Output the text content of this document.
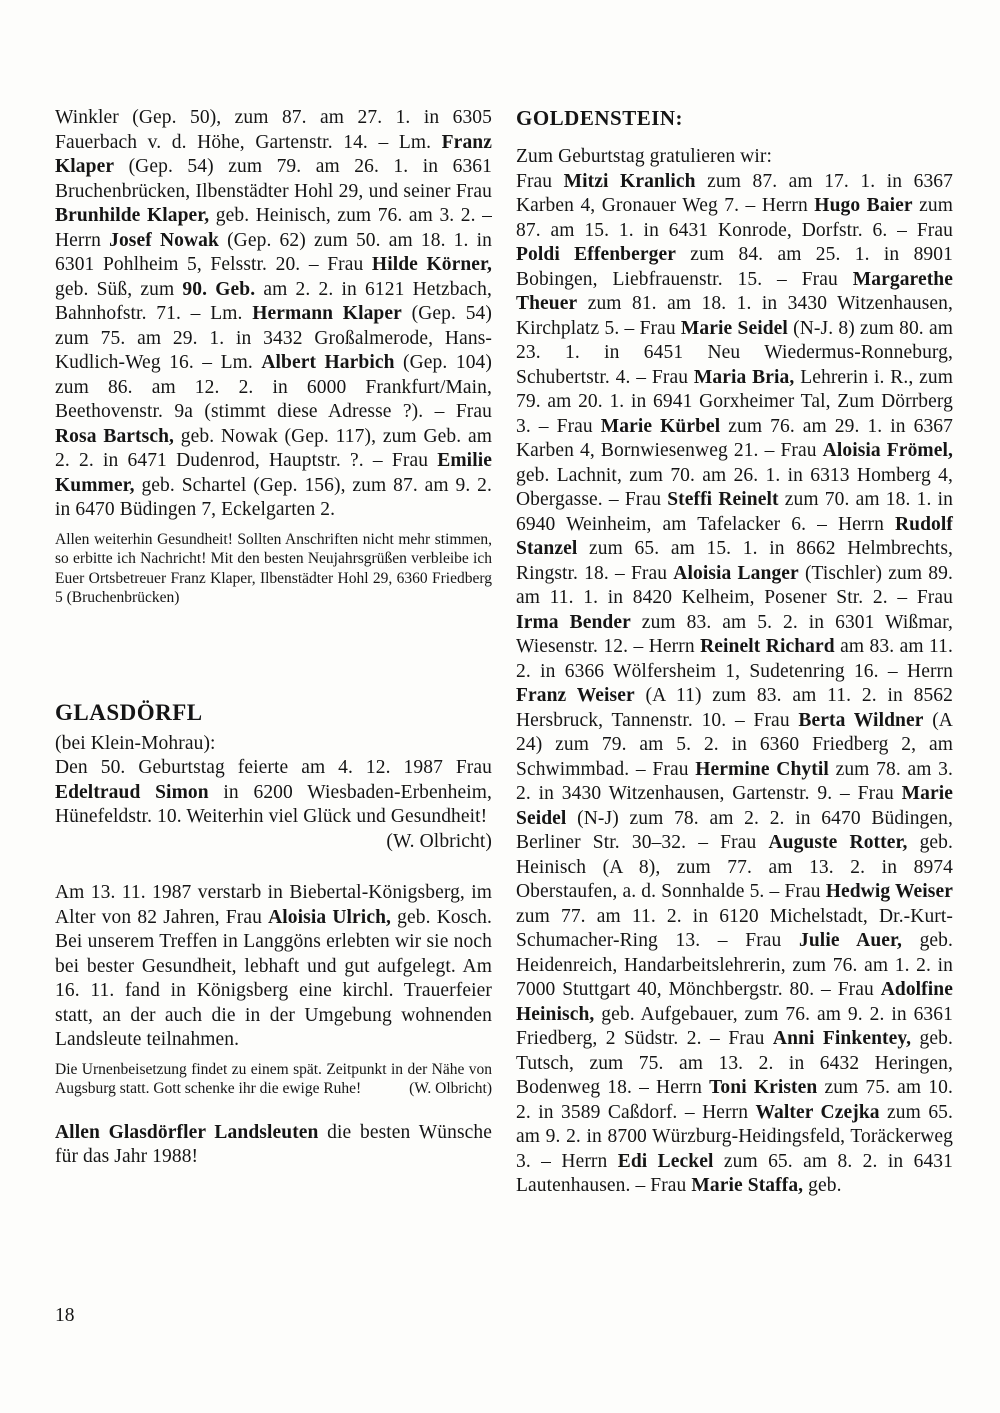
Winkler (Gep. 50), zum 87. am 27. 1. in 6305 Fauerbach v. d. Höhe, Gartenstr. 14. – Lm. Franz Klaper (Gep. 54) zum 79. am 26. 1. in 6361 Bruchenbrücken, Ilbenstädter Hohl 29, und seiner Frau Brunhilde Klaper, geb. Heinisch, zum 76. am 3. 2. – Herrn Josef Nowak (Gep. 62) zum 50. am 18. 1. in 6301 Pohlheim 5, Felsstr. 20. – Frau Hilde Körner, geb. Süß, zum 90. Geb. am 2. 2. in 6121 Hetzbach, Bahnhofstr. 71. – Lm. Hermann Klaper (Gep. 54) zum 75. am 29. 1. in 3432 Großalmerode, Hans-Kudlich-Weg 16. – Lm. Albert Harbich (Gep. 104) zum 86. am 12. 2. in 6000 Frankfurt/Main, Beethovenstr. 9a (stimmt diese Adresse ?). – Frau Rosa Bartsch, geb. Nowak (Gep. 117), zum Geb. am 2. 2. in 6471 Dudenrod, Hauptstr. ?. – Frau Emilie Kummer, geb. Schartel (Gep. 156), zum 87. am 9. 2. in 6470 Büdingen 7, Eckelgarten 2.

Allen weiterhin Gesundheit! Sollten Anschriften nicht mehr stimmen, so erbitte ich Nachricht! Mit den besten Neujahrsgrüßen verbleibe ich Euer Ortsbetreuer Franz Klaper, Ilbenstädter Hohl 29, 6360 Friedberg 5 (Bruchenbrücken)

GLASDÖRFL

(bei Klein-Mohrau):

Den 50. Geburtstag feierte am 4. 12. 1987 Frau Edeltraud Simon in 6200 Wiesbaden-Erbenheim, Hünefeldstr. 10. Weiterhin viel Glück und Gesundheit!

(W. Olbricht)

Am 13. 11. 1987 verstarb in Biebertal-Königsberg, im Alter von 82 Jahren, Frau Aloisia Ulrich, geb. Kosch. Bei unserem Treffen in Langgöns erlebten wir sie noch bei bester Gesundheit, lebhaft und gut aufgelegt. Am 16. 11. fand in Königsberg eine kirchl. Trauerfeier statt, an der auch die in der Umgebung wohnenden Landsleute teilnahmen.

Die Urnenbeisetzung findet zu einem spät. Zeitpunkt in der Nähe von Augsburg statt. Gott schenke ihr die ewige Ruhe!	(W. Olbricht)

Allen Glasdörfler Landsleuten die besten Wünsche für das Jahr 1988!

GOLDENSTEIN:

Zum Geburtstag gratulieren wir:

Frau Mitzi Kranlich zum 87. am 17. 1. in 6367 Karben 4, Gronauer Weg 7. – Herrn Hugo Baier zum 87. am 15. 1. in 6431 Konrode, Dorfstr. 6. – Frau Poldi Effenberger zum 84. am 25. 1. in 8901 Bobingen, Liebfrauenstr. 15. – Frau Margarethe Theuer zum 81. am 18. 1. in 3430 Witzenhausen, Kirchplatz 5. – Frau Marie Seidel (N-J. 8) zum 80. am 23. 1. in 6451 Neu Wiedermus-Ronneburg, Schubertstr. 4. – Frau Maria Bria, Lehrerin i. R., zum 79. am 20. 1. in 6941 Gorxheimer Tal, Zum Dörrberg 3. – Frau Marie Kürbel zum 76. am 29. 1. in 6367 Karben 4, Bornwiesenweg 21. – Frau Aloisia Frömel, geb. Lachnit, zum 70. am 26. 1. in 6313 Homberg 4, Obergasse. – Frau Steffi Reinelt zum 70. am 18. 1. in 6940 Weinheim, am Tafelacker 6. – Herrn Rudolf Stanzel zum 65. am 15. 1. in 8662 Helmbrechts, Ringstr. 18. – Frau Aloisia Langer (Tischler) zum 89. am 11. 1. in 8420 Kelheim, Posener Str. 2. – Frau Irma Bender zum 83. am 5. 2. in 6301 Wißmar, Wiesenstr. 12. – Herrn Reinelt Richard am 83. am 11. 2. in 6366 Wölfersheim 1, Sudetenring 16. – Herrn Franz Weiser (A 11) zum 83. am 11. 2. in 8562 Hersbruck, Tannenstr. 10. – Frau Berta Wildner (A 24) zum 79. am 5. 2. in 6360 Friedberg 2, am Schwimmbad. – Frau Hermine Chytil zum 78. am 3. 2. in 3430 Witzenhausen, Gartenstr. 9. – Frau Marie Seidel (N-J) zum 78. am 2. 2. in 6470 Büdingen, Berliner Str. 30–32. – Frau Auguste Rotter, geb. Heinisch (A 8), zum 77. am 13. 2. in 8974 Oberstaufen, a. d. Sonnhalde 5. – Frau Hedwig Weiser zum 77. am 11. 2. in 6120 Michelstadt, Dr.-Kurt-Schumacher-Ring 13. – Frau Julie Auer, geb. Heidenreich, Handarbeitslehrerin, zum 76. am 1. 2. in 7000 Stuttgart 40, Mönchbergstr. 80. – Frau Adolfine Heinisch, geb. Aufgebauer, zum 76. am 9. 2. in 6361 Friedberg, 2 Südstr. 2. – Frau Anni Finkentey, geb. Tutsch, zum 75. am 13. 2. in 6432 Heringen, Bodenweg 18. – Herrn Toni Kristen zum 75. am 10. 2. in 3589 Caßdorf. – Herrn Walter Czejka zum 65. am 9. 2. in 8700 Würzburg-Heidingsfeld, Toräckerweg 3. – Herrn Edi Leckel zum 65. am 8. 2. in 6431 Lautenhausen. – Frau Marie Staffa, geb.

18
